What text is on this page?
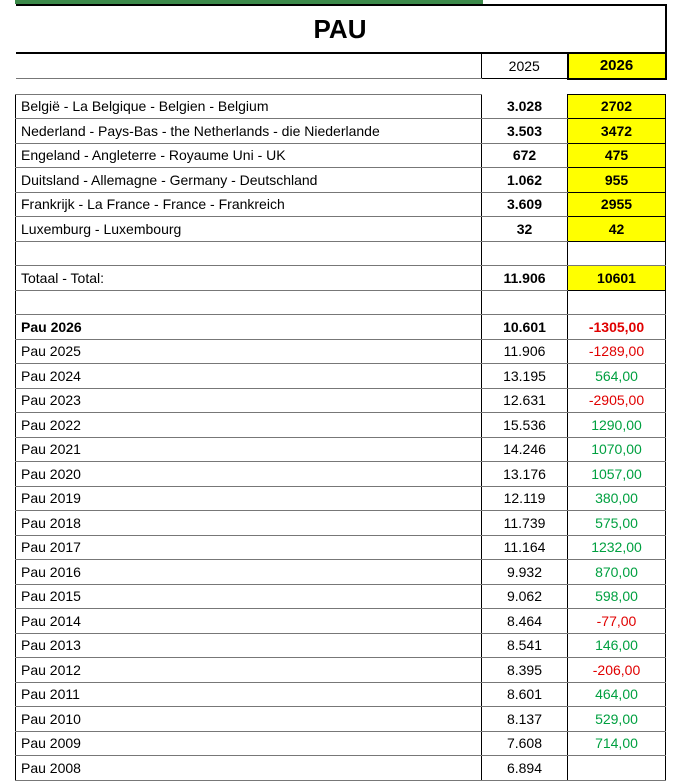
PAU		
	2025	2026

België - La Belgique - Belgien - Belgium	3.028	2702
Nederland - Pays-Bas - the Netherlands - die Niederlande	3.503	3472
Engeland - Angleterre - Royaume Uni - UK	672	475
Duitsland - Allemagne - Germany - Deutschland	1.062	955
Frankrijk - La France - France - Frankreich	3.609	2955
Luxemburg - Luxembourg	32	42

Totaal - Total:	11.906	10601

Pau 2026	10.601	-1305,00
Pau 2025	11.906	-1289,00
Pau 2024	13.195	564,00
Pau 2023	12.631	-2905,00
Pau 2022	15.536	1290,00
Pau 2021	14.246	1070,00
Pau 2020	13.176	1057,00
Pau 2019	12.119	380,00
Pau 2018	11.739	575,00
Pau 2017	11.164	1232,00
Pau 2016	9.932	870,00
Pau 2015	9.062	598,00
Pau 2014	8.464	-77,00
Pau 2013	8.541	146,00
Pau 2012	8.395	-206,00
Pau 2011	8.601	464,00
Pau 2010	8.137	529,00
Pau 2009	7.608	714,00
Pau 2008	6.894	
